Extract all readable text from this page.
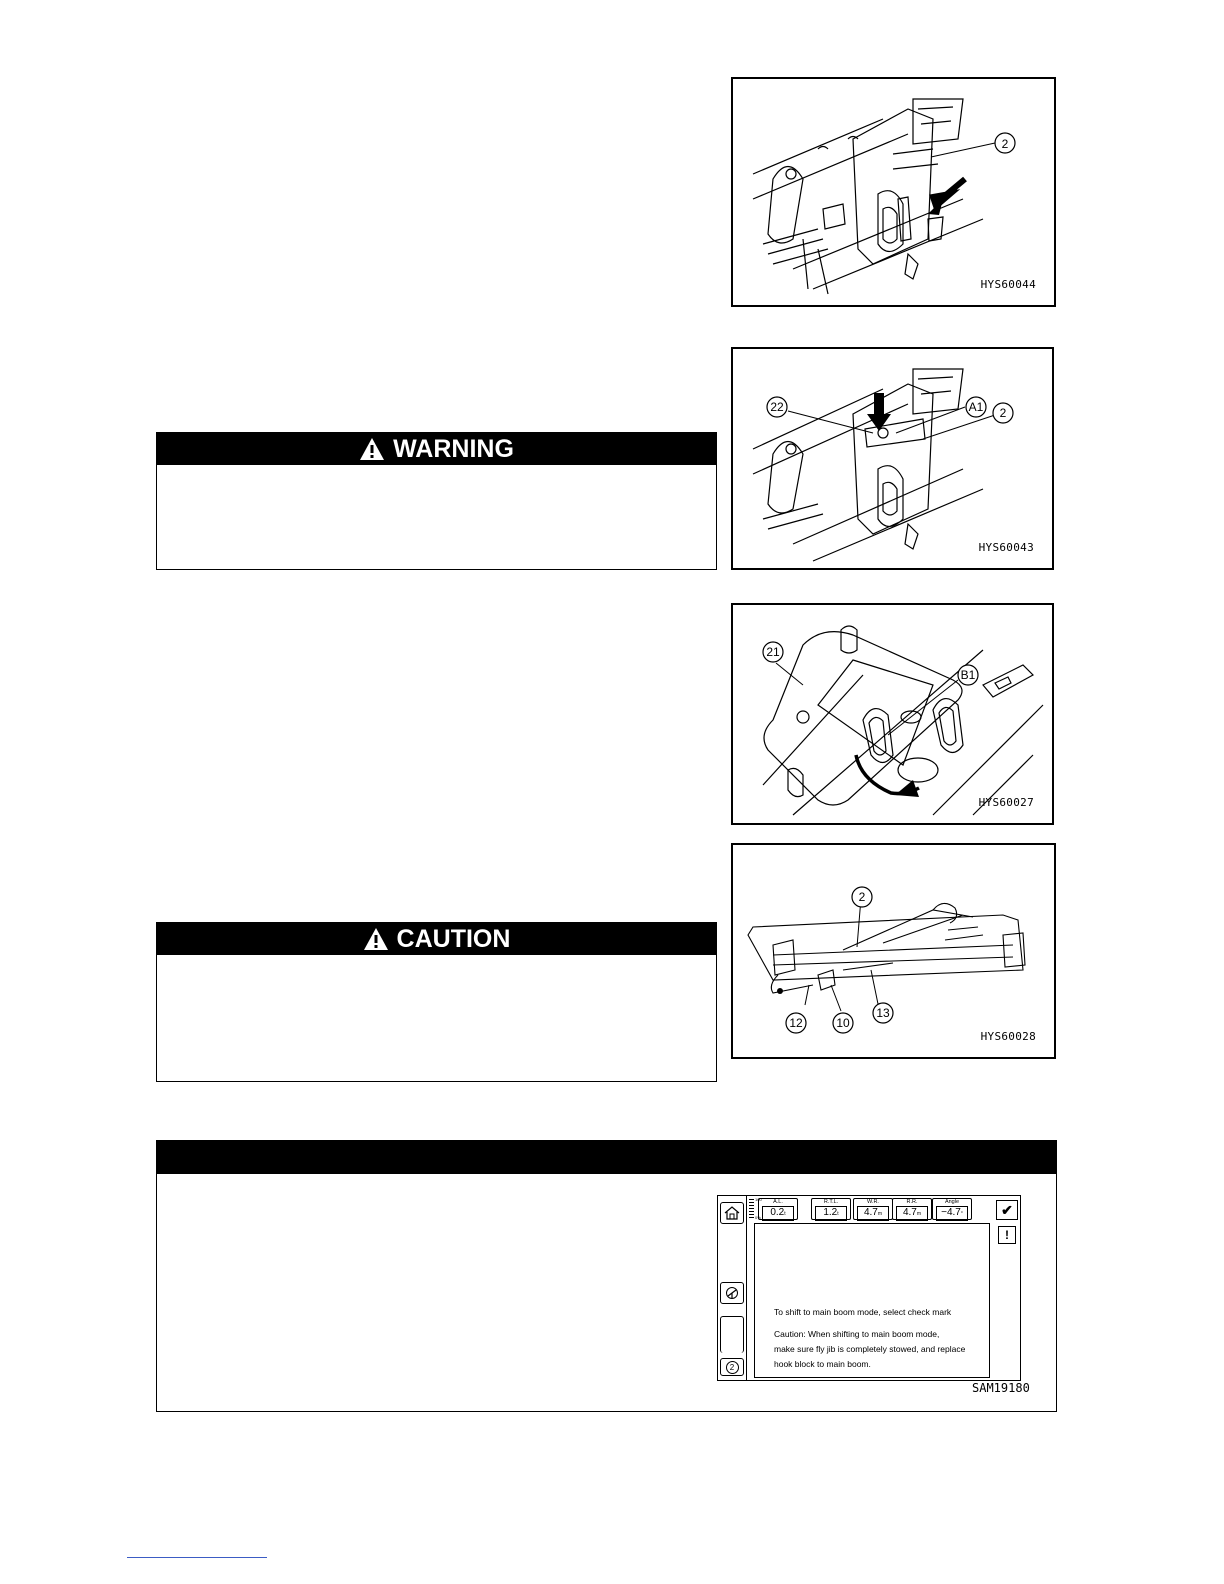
2
HYS60044
22	A1 2
HYS60043
21
B1
HYS60027
2
12	10
13
HYS60028
WARNING
CAUTION
2
100
0%
A.L.
0.2t
R.T.L.
1.2t
W.R.
4.7m
R.R.
4.7m
Angle
−4.7°	✔
!
To shift to main boom mode, select check mark
Caution: When shifting to main boom mode,
make sure fly jib is completely stowed, and replace
hook block to main boom.
SAM19180
